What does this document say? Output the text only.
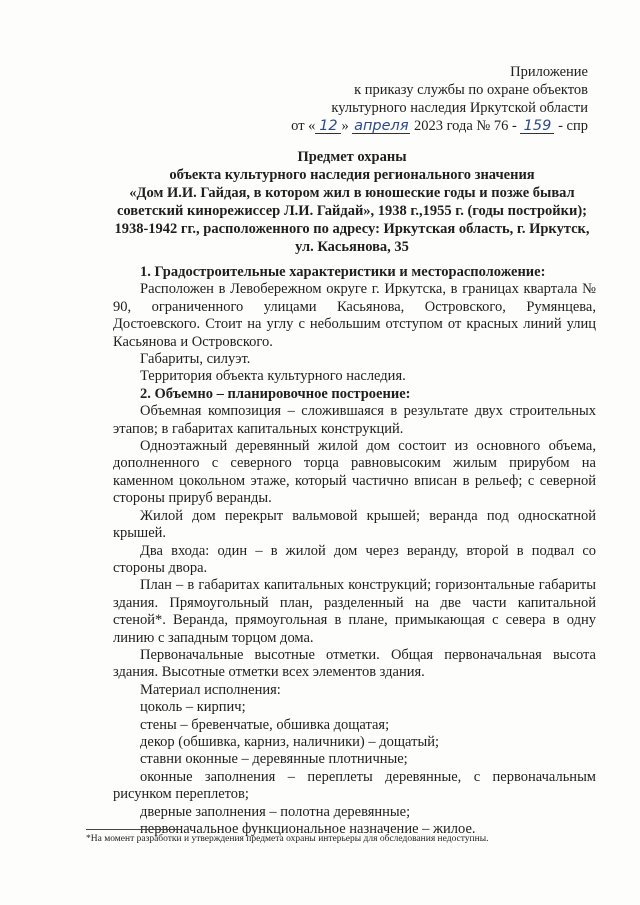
Приложение
к приказу службы по охране объектов
культурного наследия Иркутской области
от « 12 » апреля 2023 года № 76 - 159 - спр
Предмет охраны
объекта культурного наследия регионального значения
«Дом И.И. Гайдая, в котором жил в юношеские годы и позже бывал
советский кинорежиссер Л.И. Гайдай», 1938 г.,1955 г. (годы постройки);
1938-1942 гг., расположенного по адресу: Иркутская область, г. Иркутск,
ул. Касьянова, 35

1. Градостроительные характеристики и месторасположение:

Расположен в Левобережном округе г. Иркутска, в границах квартала № 90, ограниченного улицами Касьянова, Островского, Румянцева, Достоевского. Стоит на углу с небольшим отступом от красных линий улиц Касьянова и Островского.

Габариты, силуэт.

Территория объекта культурного наследия.

2. Объемно – планировочное построение:

Объемная композиция – сложившаяся в результате двух строительных этапов; в габаритах капитальных конструкций.

Одноэтажный деревянный жилой дом состоит из основного объема, дополненного с северного торца равновысоким жилым прирубом на каменном цокольном этаже, который частично вписан в рельеф; с северной стороны прируб веранды.

Жилой дом перекрыт вальмовой крышей; веранда под односкатной крышей.

Два входа: один – в жилой дом через веранду, второй в подвал со стороны двора.

План – в габаритах капитальных конструкций; горизонтальные габариты здания. Прямоугольный план, разделенный на две части капитальной стеной*. Веранда, прямоугольная в плане, примыкающая с севера в одну линию с западным торцом дома.

Первоначальные высотные отметки. Общая первоначальная высота здания. Высотные отметки всех элементов здания.

Материал исполнения:

цоколь – кирпич;

стены – бревенчатые, обшивка дощатая;

декор (обшивка, карниз, наличники) – дощатый;

ставни оконные – деревянные плотничные;

оконные заполнения – переплеты деревянные, с первоначальным рисунком переплетов;

дверные заполнения – полотна деревянные;

первоначальное функциональное назначение – жилое.

*На момент разработки и утверждения предмета охраны интерьеры для обследования недоступны.
